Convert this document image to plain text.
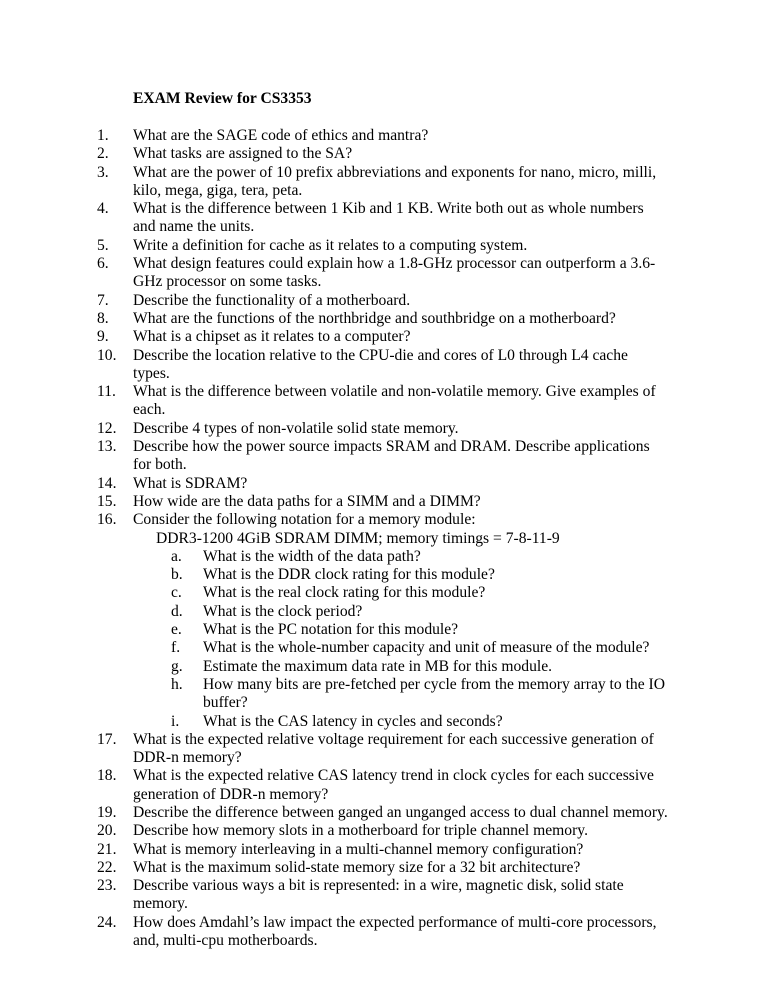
EXAM Review for CS3353
1.	What are the SAGE code of ethics and mantra?
2.	What tasks are assigned to the SA?
3.	What are the power of 10 prefix abbreviations and exponents for nano, micro, milli, kilo, mega, giga, tera, peta.
4.	What is the difference between 1 Kib and 1 KB. Write both out as whole numbers and name the units.
5.	Write a definition for cache as it relates to a computing system.
6.	What design features could explain how a 1.8-GHz processor can outperform a 3.6-GHz processor on some tasks.
7.	Describe the functionality of a motherboard.
8.	What are the functions of the northbridge and southbridge on a motherboard?
9.	What is a chipset as it relates to a computer?
10.	Describe the location relative to the CPU-die and cores of L0 through L4 cache types.
11.	What is the difference between volatile and non-volatile memory. Give examples of each.
12.	Describe 4 types of non-volatile solid state memory.
13.	Describe how the power source impacts SRAM and DRAM. Describe applications for both.
14.	What is SDRAM?
15.	How wide are the data paths for a SIMM and a DIMM?
16.	Consider the following notation for a memory module:
DDR3-1200 4GiB SDRAM DIMM; memory timings = 7-8-11-9
a.	What is the width of the data path?
b.	What is the DDR clock rating for this module?
c.	What is the real clock rating for this module?
d.	What is the clock period?
e.	What is the PC notation for this module?
f.	What is the whole-number capacity and unit of measure of the module?
g.	Estimate the maximum data rate in MB for this module.
h.	How many bits are pre-fetched per cycle from the memory array to the IO buffer?
i.	What is the CAS latency in cycles and seconds?
17.	What is the expected relative voltage requirement for each successive generation of DDR-n memory?
18.	What is the expected relative CAS latency trend in clock cycles for each successive generation of DDR-n memory?
19.	Describe the difference between ganged an unganged access to dual channel memory.
20.	Describe how memory slots in a motherboard for triple channel memory.
21.	What is memory interleaving in a multi-channel memory configuration?
22.	What is the maximum solid-state memory size for a 32 bit architecture?
23.	Describe various ways a bit is represented: in a wire, magnetic disk, solid state memory.
24.	How does Amdahl’s law impact the expected performance of multi-core processors, and, multi-cpu motherboards.
